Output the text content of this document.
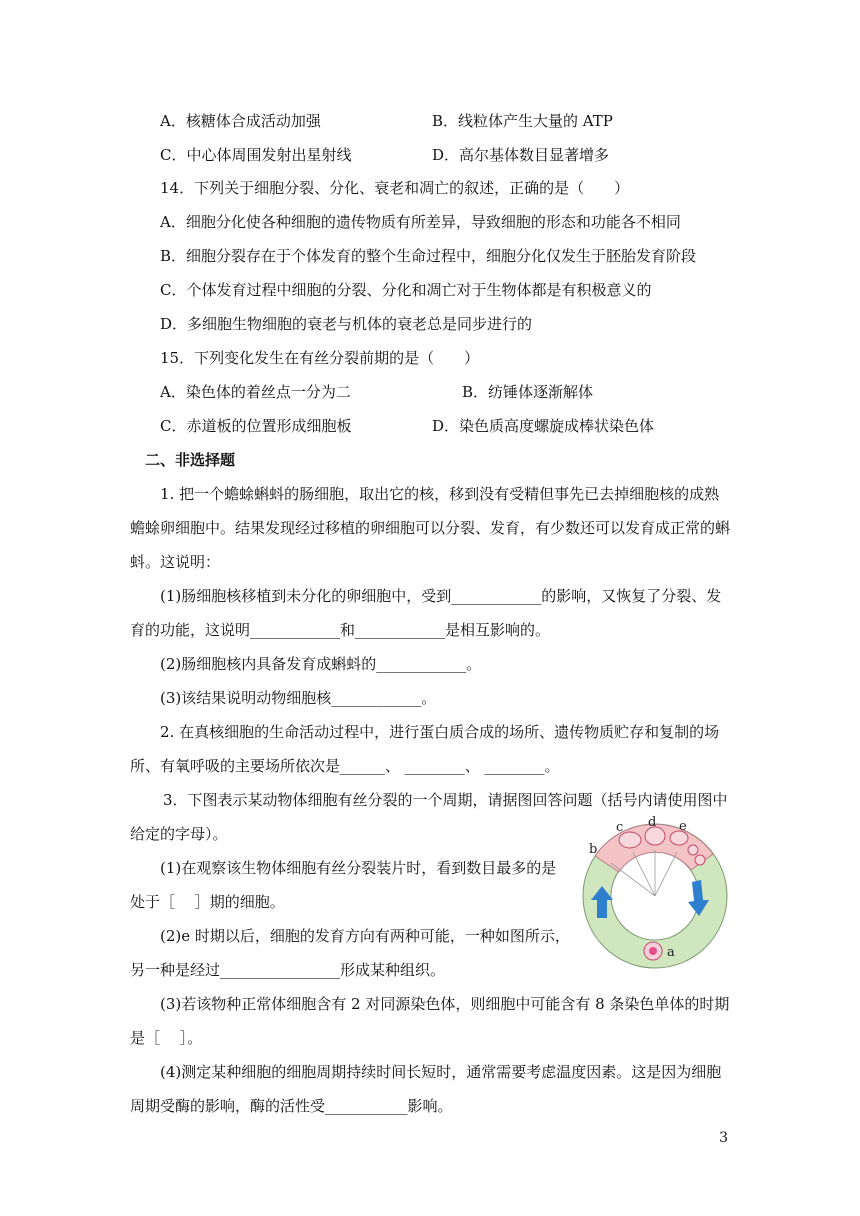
A．核糖体合成活动加强	B．线粒体产生大量的 ATP
C．中心体周围发射出星射线	D．高尔基体数目显著增多
14．下列关于细胞分裂、分化、衰老和凋亡的叙述，正确的是（　　）
A．细胞分化使各种细胞的遗传物质有所差异，导致细胞的形态和功能各不相同
B．细胞分裂存在于个体发育的整个生命过程中，细胞分化仅发生于胚胎发育阶段
C．个体发育过程中细胞的分裂、分化和凋亡对于生物体都是有积极意义的
D．多细胞生物细胞的衰老与机体的衰老总是同步进行的
15．下列变化发生在有丝分裂前期的是（　　）
A．染色体的着丝点一分为二	B．纺锤体逐渐解体
C．赤道板的位置形成细胞板	D．染色质高度螺旋成棒状染色体
二、非选择题
1. 把一个蟾蜍蝌蚪的肠细胞，取出它的核，移到没有受精但事先已去掉细胞核的成熟
蟾蜍卵细胞中。结果发现经过移植的卵细胞可以分裂、发育，有少数还可以发育成正常的蝌
蚪。这说明：
(1)肠细胞核移植到未分化的卵细胞中，受到____________的影响，又恢复了分裂、发
育的功能，这说明____________和____________是相互影响的。
(2)肠细胞核内具备发育成蝌蚪的____________。
(3)该结果说明动物细胞核____________。
2. 在真核细胞的生命活动过程中，进行蛋白质合成的场所、遗传物质贮存和复制的场
所、有氧呼吸的主要场所依次是______、 ________、 ________。
3．下图表示某动物体细胞有丝分裂的一个周期，请据图回答问题（括号内请使用图中
给定的字母）。
(1)在观察该生物体细胞有丝分裂装片时，看到数目最多的是
处于［　 ］期的细胞。
(2)e 时期以后，细胞的发育方向有两种可能，一种如图所示，
另一种是经过________________形成某种组织。
(3)若该物种正常体细胞含有 2 对同源染色体，则细胞中可能含有 8 条染色单体的时期
是［　 ］。
(4)测定某种细胞的细胞周期持续时间长短时，通常需要考虑温度因素。这是因为细胞
周期受酶的影响，酶的活性受___________影响。
b
c d e
a
3
